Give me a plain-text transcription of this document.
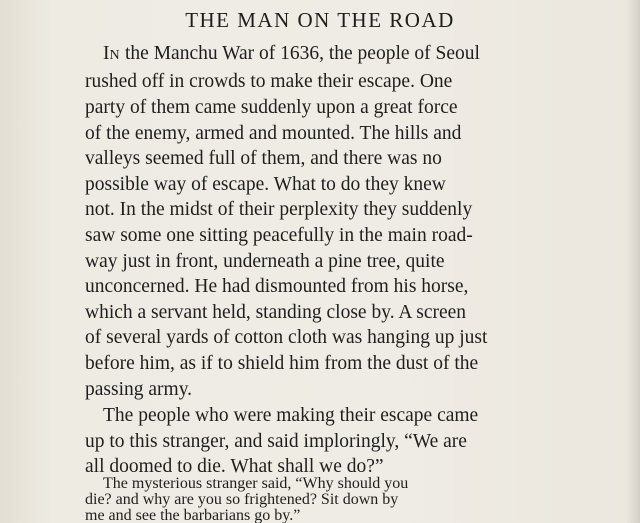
THE MAN ON THE ROAD
IN the Manchu War of 1636, the people of Seoul
rushed off in crowds to make their escape. One
party of them came suddenly upon a great force
of the enemy, armed and mounted. The hills and
valleys seemed full of them, and there was no
possible way of escape. What to do they knew
not. In the midst of their perplexity they suddenly
saw some one sitting peacefully in the main road-
way just in front, underneath a pine tree, quite
unconcerned. He had dismounted from his horse,
which a servant held, standing close by. A screen
of several yards of cotton cloth was hanging up just
before him, as if to shield him from the dust of the
passing army.
The people who were making their escape came
up to this stranger, and said imploringly, “We are
all doomed to die. What shall we do?”
The mysterious stranger said, “Why should you
die? and why are you so frightened? Sit down by
me and see the barbarians go by.”
